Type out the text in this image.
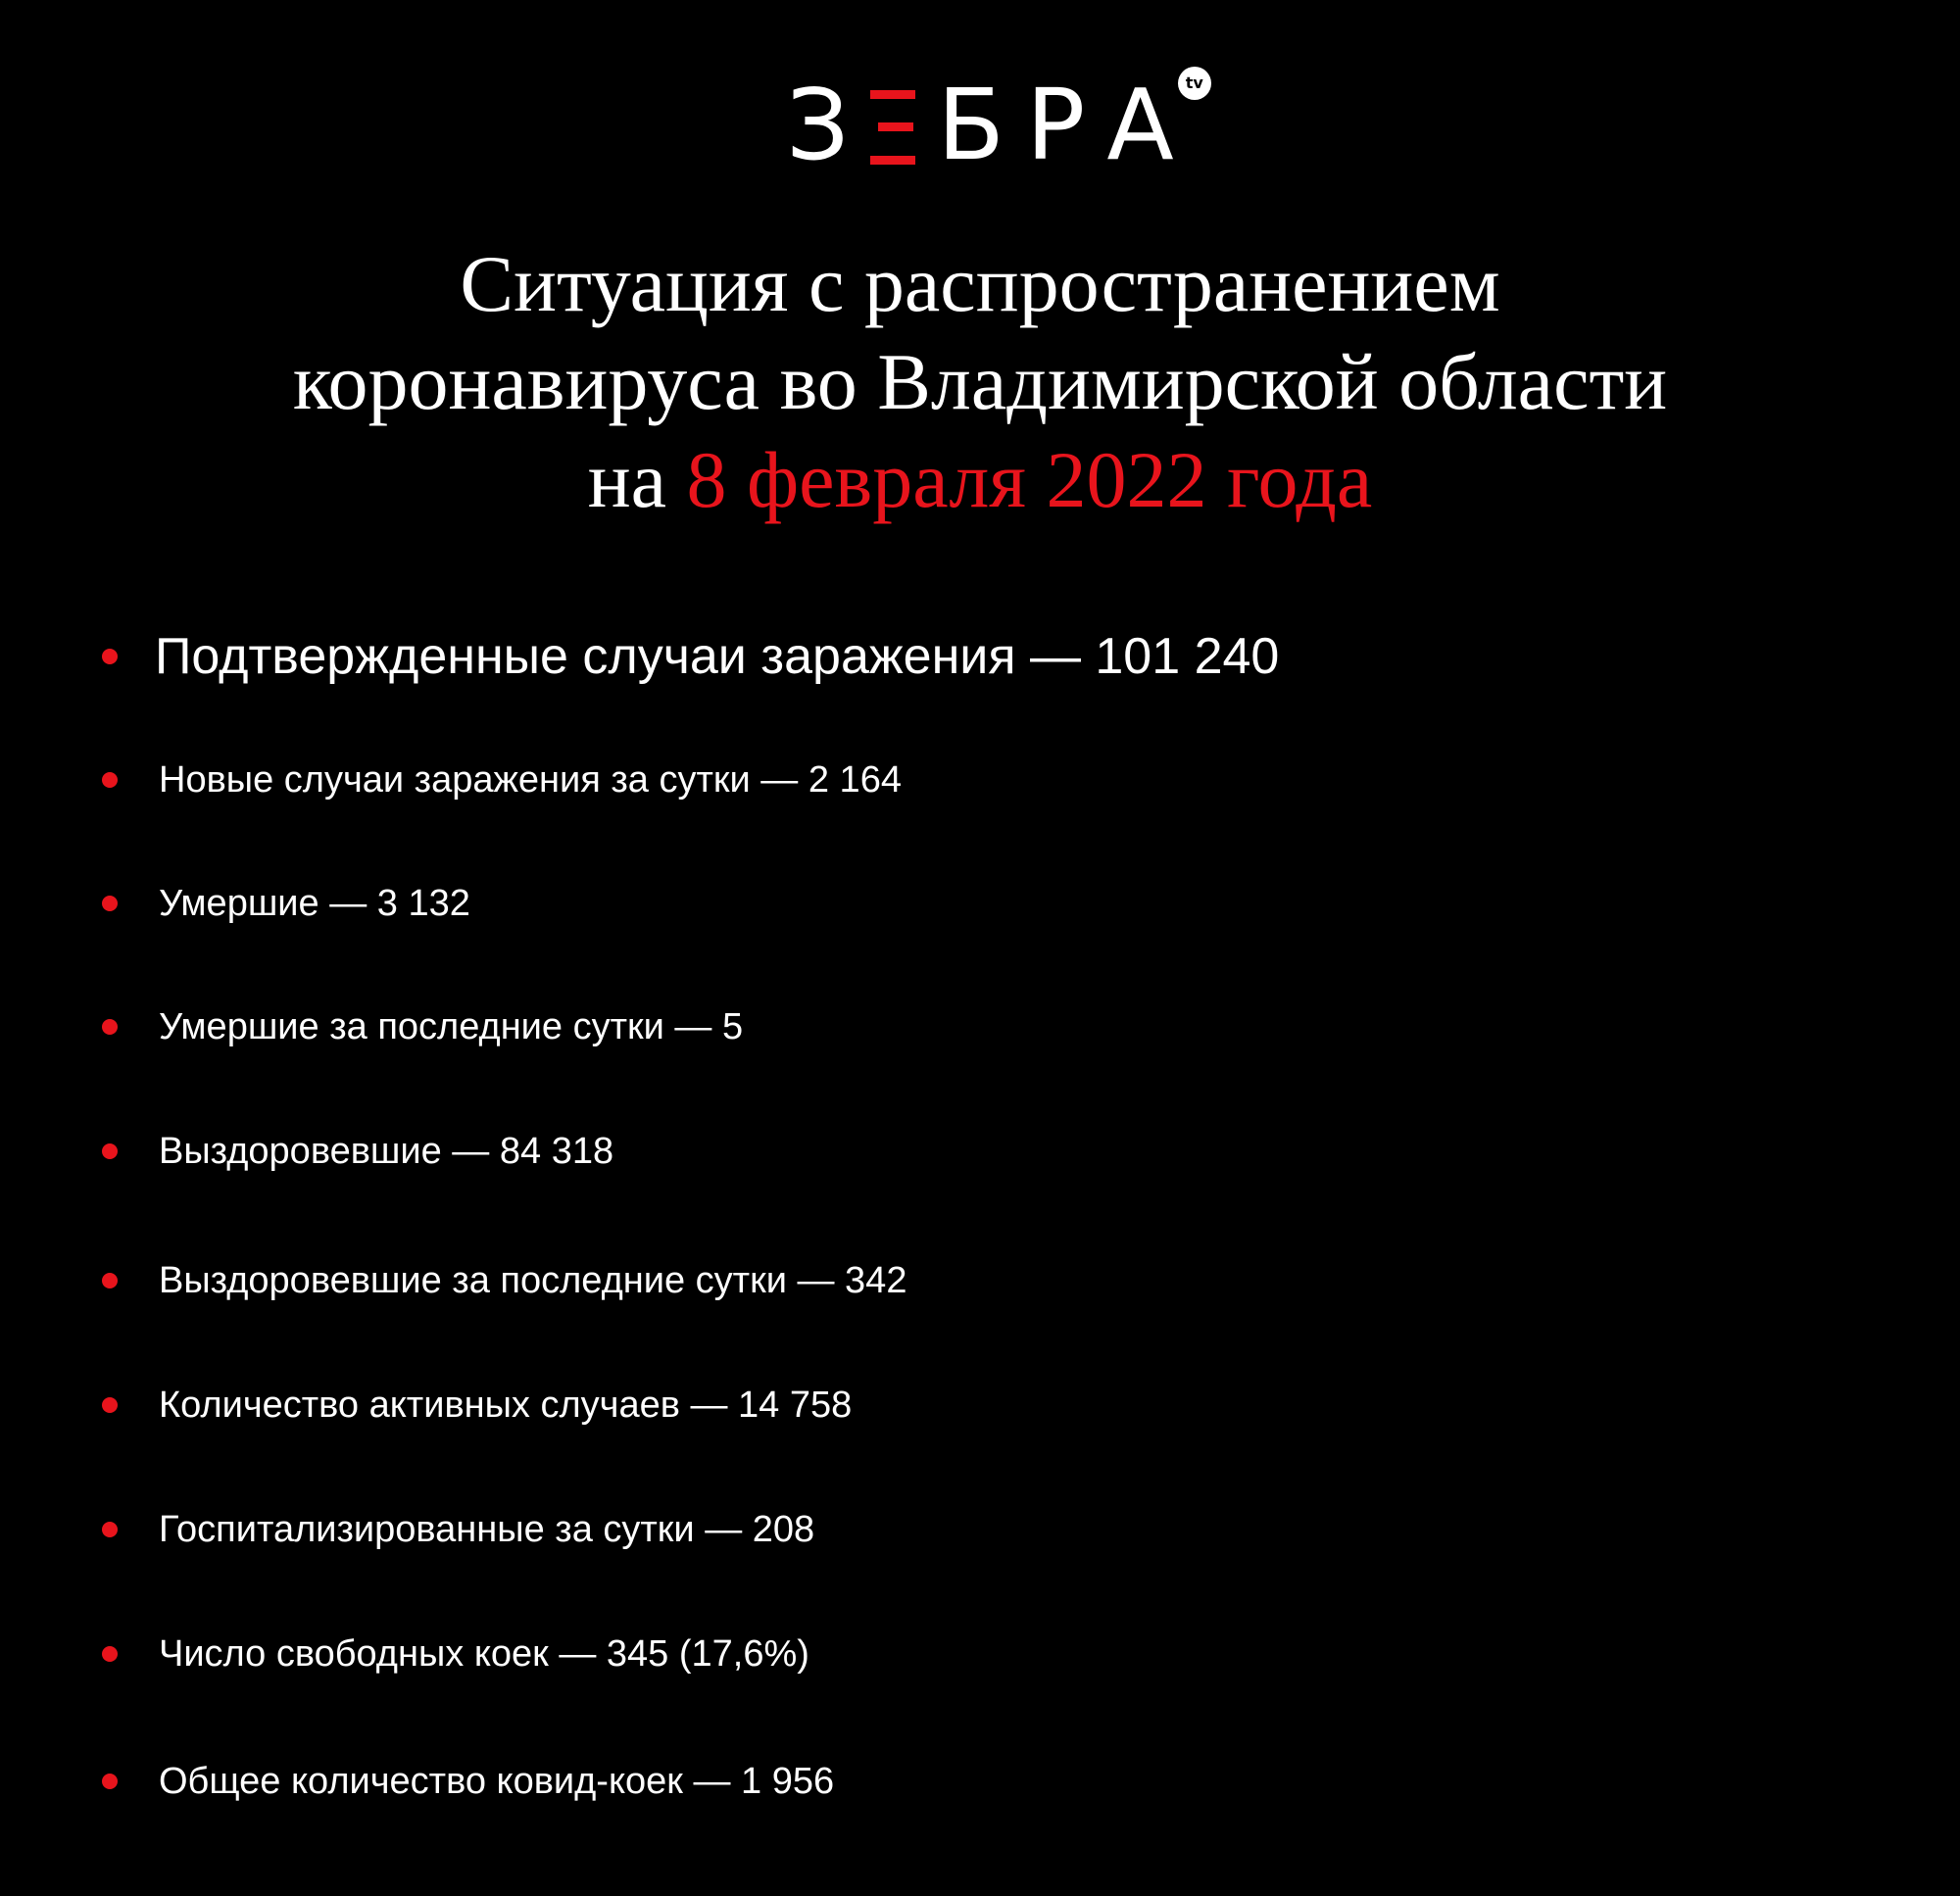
З Б Р А tv
Ситуация с распространением
коронавируса во Владимирской области
на 8 февраля 2022 года
Подтвержденные случаи заражения — 101 240
Новые случаи заражения за сутки — 2 164
Умершие — 3 132
Умершие за последние сутки — 5
Выздоровевшие — 84 318
Выздоровевшие за последние сутки — 342
Количество активных случаев — 14 758
Госпитализированные за сутки — 208
Число свободных коек — 345 (17,6%)
Общее количество ковид-коек — 1 956
